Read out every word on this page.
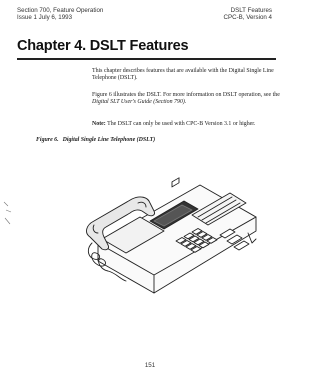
Section 700, Feature Operation
Issue 1 July 6, 1993
DSLT Features
CPC-B, Version 4
Chapter 4. DSLT Features
This chapter describes features that are available with the Digital Single Line Telephone (DSLT).
Figure 6 illustrates the DSLT. For more information on DSLT operation, see the Digital SLT User's Guide (Section 790).
Note: The DSLT can only be used with CPC-B Version 3.1 or higher.
Figure 6. Digital Single Line Telephone (DSLT)
151
